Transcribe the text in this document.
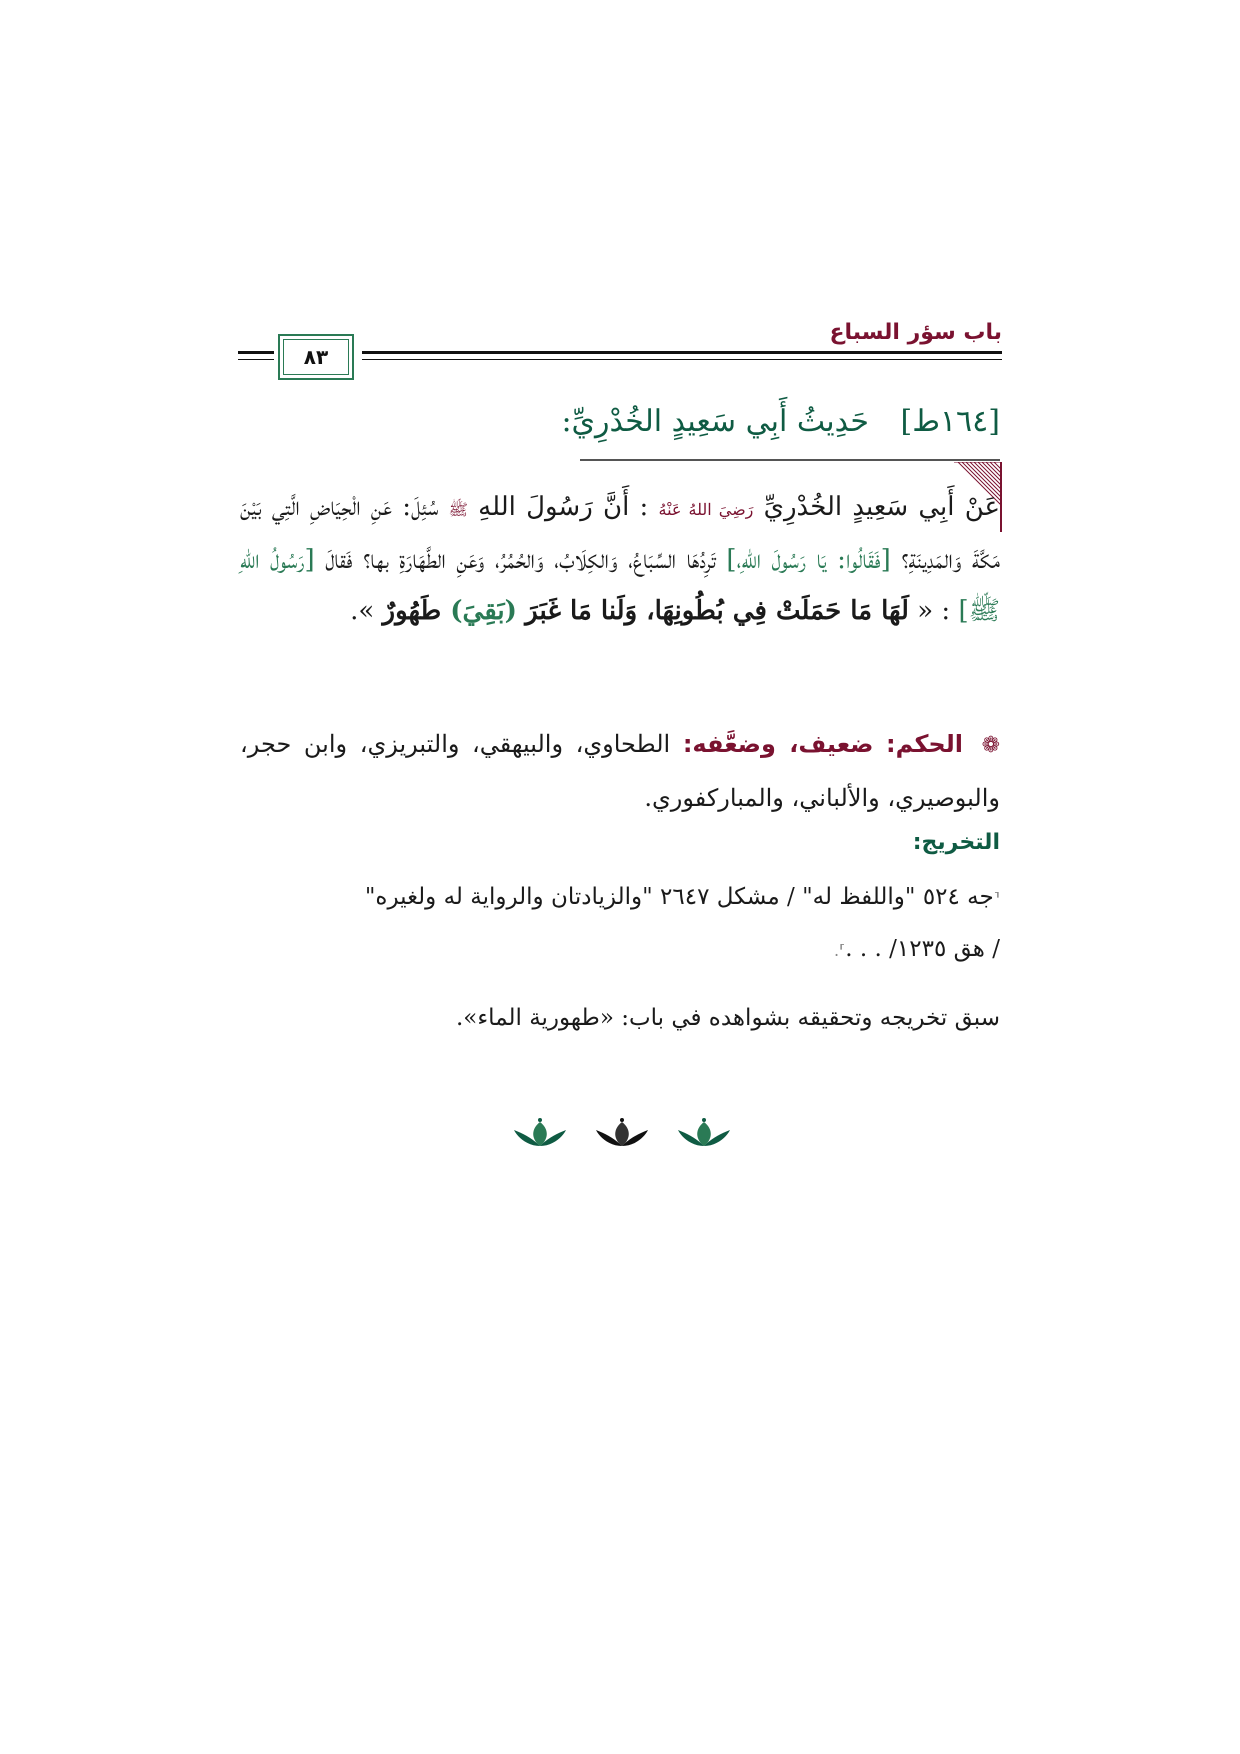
باب سؤر السباع
٨٣
[١٦٤ط] حَدِيثُ أَبِي سَعِيدٍ الخُدْرِيِّ:
عَنْ أَبِي سَعِيدٍ الخُدْرِيِّ رَضِيَ اللهُ عَنْهُ : أَنَّ رَسُولَ اللهِ ﷺ سُئِلَ: عَنِ الْحِيَاضِ الَّتِي بَيْنَ مَكَّةَ وَالمَدِينَةِ؟ [فَقَالُوا: يَا رَسُولَ اللهِ،] تَرِدُهَا السِّبَاعُ، وَالكِلَابُ، وَالحُمُرُ، وَعَنِ الطَّهَارَةِ بها؟ فَقالَ [رَسُولُ اللهِ ﷺ] : « لَهَا مَا حَمَلَتْ فِي بُطُونِهَا، وَلَنا مَا غَبَرَ (بَقِيَ) طَهُورٌ ».
❁ الحكم: ضعيف، وضعَّفه: الطحاوي، والبيهقي، والتبريزي، وابن حجر، والبوصيري، والألباني، والمباركفوري.
التخريج:
⸢جه ٥٢٤ "واللفظ له" / مشكل ٢٦٤٧ "والزيادتان والرواية له ولغيره"
/ هق ١٢٣٥/ . . .⸣.
سبق تخريجه وتحقيقه بشواهده في باب: «طهورية الماء».
